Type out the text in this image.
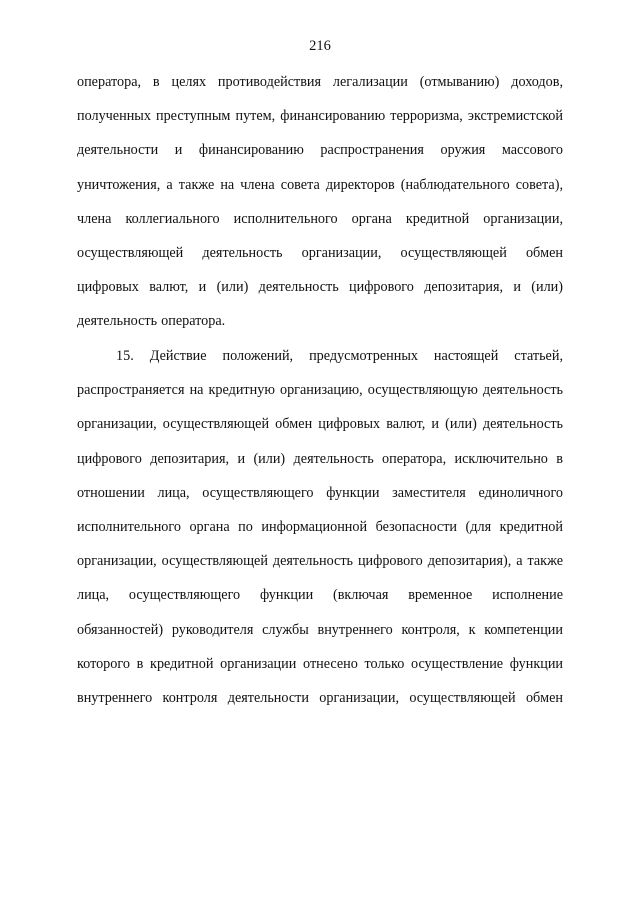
216
оператора, в целях противодействия легализации (отмыванию) доходов, полученных преступным путем, финансированию терроризма, экстремистской деятельности и финансированию распространения оружия массового уничтожения, а также на члена совета директоров (наблюдательного совета), члена коллегиального исполнительного органа кредитной организации, осуществляющей деятельность организации, осуществляющей обмен цифровых валют, и (или) деятельность цифрового депозитария, и (или) деятельность оператора.
15. Действие положений, предусмотренных настоящей статьей, распространяется на кредитную организацию, осуществляющую деятельность организации, осуществляющей обмен цифровых валют, и (или) деятельность цифрового депозитария, и (или) деятельность оператора, исключительно в отношении лица, осуществляющего функции заместителя единоличного исполнительного органа по информационной безопасности (для кредитной организации, осуществляющей деятельность цифрового депозитария), а также лица, осуществляющего функции (включая временное исполнение обязанностей) руководителя службы внутреннего контроля, к компетенции которого в кредитной организации отнесено только осуществление функции внутреннего контроля деятельности организации, осуществляющей обмен
